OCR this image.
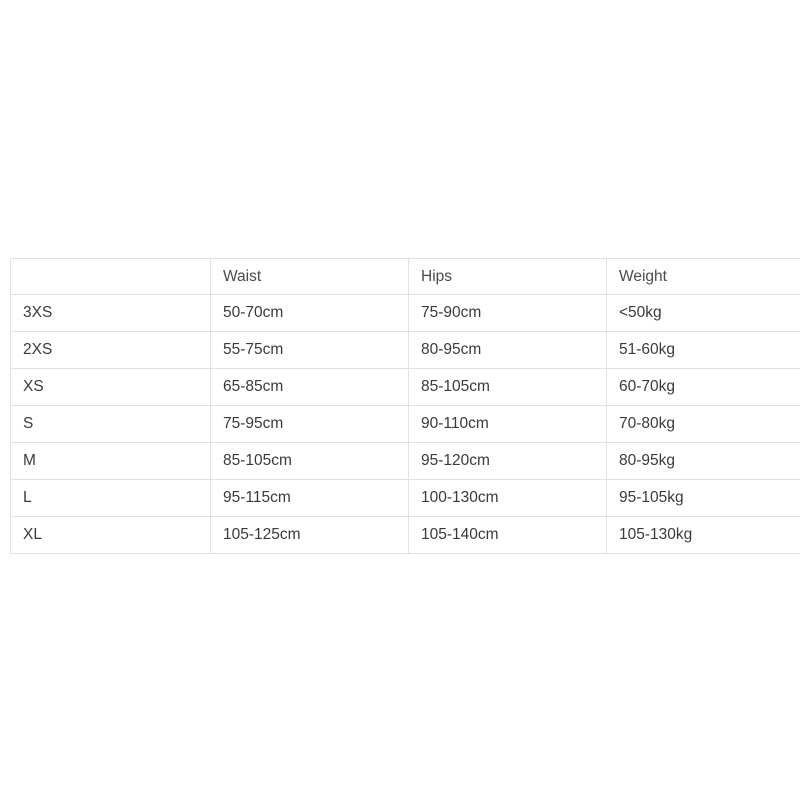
	Waist	Hips	Weight
3XS	50-70cm	75-90cm	<50kg
2XS	55-75cm	80-95cm	51-60kg
XS	65-85cm	85-105cm	60-70kg
S	75-95cm	90-110cm	70-80kg
M	85-105cm	95-120cm	80-95kg
L	95-115cm	100-130cm	95-105kg
XL	105-125cm	105-140cm	105-130kg
